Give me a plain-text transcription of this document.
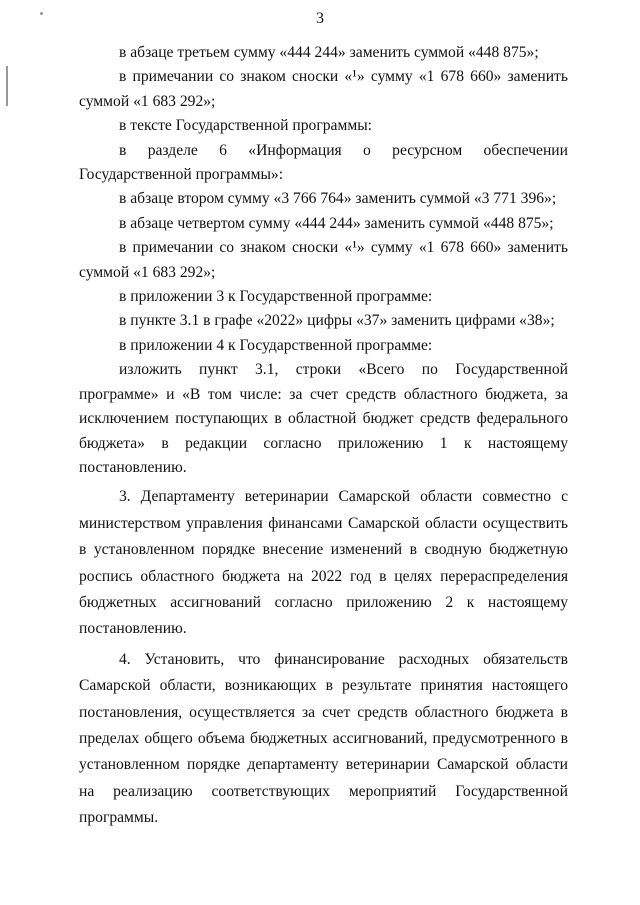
3

в абзаце третьем сумму «444 244» заменить суммой «448 875»;

в примечании со знаком сноски «¹» сумму «1 678 660» заменить суммой «1 683 292»;

в тексте Государственной программы:

в разделе 6 «Информация о ресурсном обеспечении Государственной программы»:

в абзаце втором сумму «3 766 764» заменить суммой «3 771 396»;

в абзаце четвертом сумму «444 244» заменить суммой «448 875»;

в примечании со знаком сноски «¹» сумму «1 678 660» заменить суммой «1 683 292»;

в приложении 3 к Государственной программе:

в пункте 3.1 в графе «2022» цифры «37» заменить цифрами «38»;

в приложении 4 к Государственной программе:

изложить пункт 3.1, строки «Всего по Государственной программе» и «В том числе: за счет средств областного бюджета, за исключением поступающих в областной бюджет средств федерального бюджета» в редакции согласно приложению 1 к настоящему постановлению.

3. Департаменту ветеринарии Самарской области совместно с министерством управления финансами Самарской области осуществить в установленном порядке внесение изменений в сводную бюджетную роспись областного бюджета на 2022 год в целях перераспределения бюджетных ассигнований согласно приложению 2 к настоящему постановлению.

4. Установить, что финансирование расходных обязательств Самарской области, возникающих в результате принятия настоящего постановления, осуществляется за счет средств областного бюджета в пределах общего объема бюджетных ассигнований, предусмотренного в установленном порядке департаменту ветеринарии Самарской области на реализацию соответствующих мероприятий Государственной программы.
